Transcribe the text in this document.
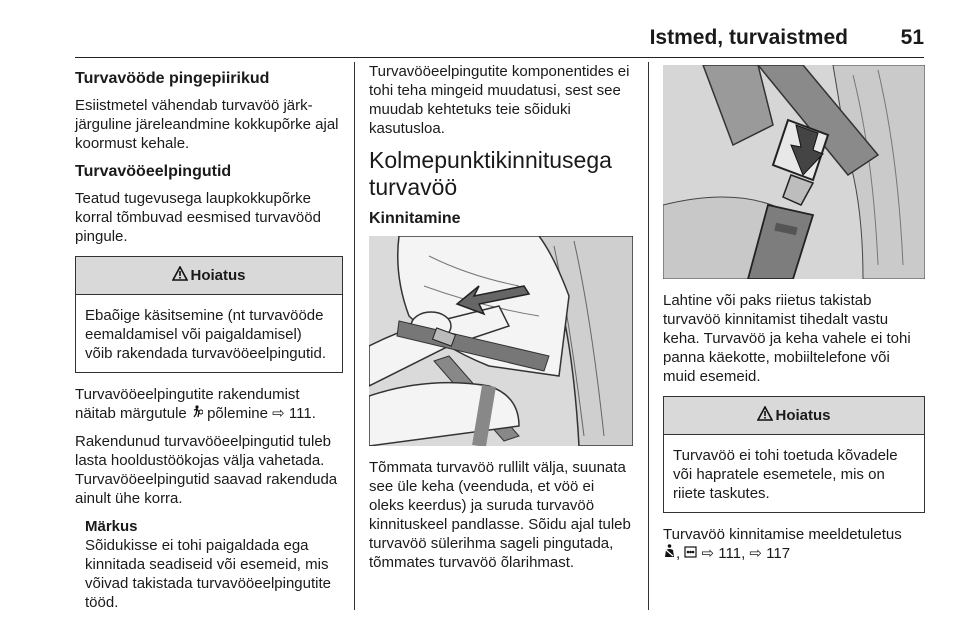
Istmed, turvaistmed	51
Turvavööde pingepiirikud

Esiistmetel vähendab turvavöö järk-järguline järeleandmine kokkupõrke ajal koormust kehale.

Turvavööeelpingutid

Teatud tugevusega laupkokkupõrke korral tõmbuvad eesmised turvavööd pingule.

Hoiatus
Ebaõige käsitsemine (nt turvavööde eemaldamisel või paigaldamisel) võib rakendada turvavööeelpingutid.

Turvavööeelpingutite rakendumist näitab märgutule põlemine ⇨ 111.

Rakendunud turvavööeelpingutid tuleb lasta hooldustöökojas välja vahetada. Turvavööeelpingutid saavad rakenduda ainult ühe korra.

Märkus
Sõidukisse ei tohi paigaldada ega kinnitada seadiseid või esemeid, mis võivad takistada turvavööeelpingutite tööd.

Turvavööeelpingutite komponentides ei tohi teha mingeid muudatusi, sest see muudab kehtetuks teie sõiduki kasutusloa.

Kolmepunktikinnitusega turvavöö
Kinnitamine

Tõmmata turvavöö rullilt välja, suunata see üle keha (veenduda, et vöö ei oleks keerdus) ja suruda turvavöö kinnituskeel pandlasse. Sõidu ajal tuleb turvavöö sülerihma sageli pingutada, tõmmates turvavöö õlarihmast.

Lahtine või paks riietus takistab turvavöö kinnitamist tihedalt vastu keha. Turvavöö ja keha vahele ei tohi panna käekotte, mobiiltelefone või muid esemeid.

Hoiatus
Turvavöö ei tohi toetuda kõvadele või hapratele esemetele, mis on riiete taskutes.

Turvavöö kinnitamise meeldetuletus
,  ⇨ 111, ⇨ 117
